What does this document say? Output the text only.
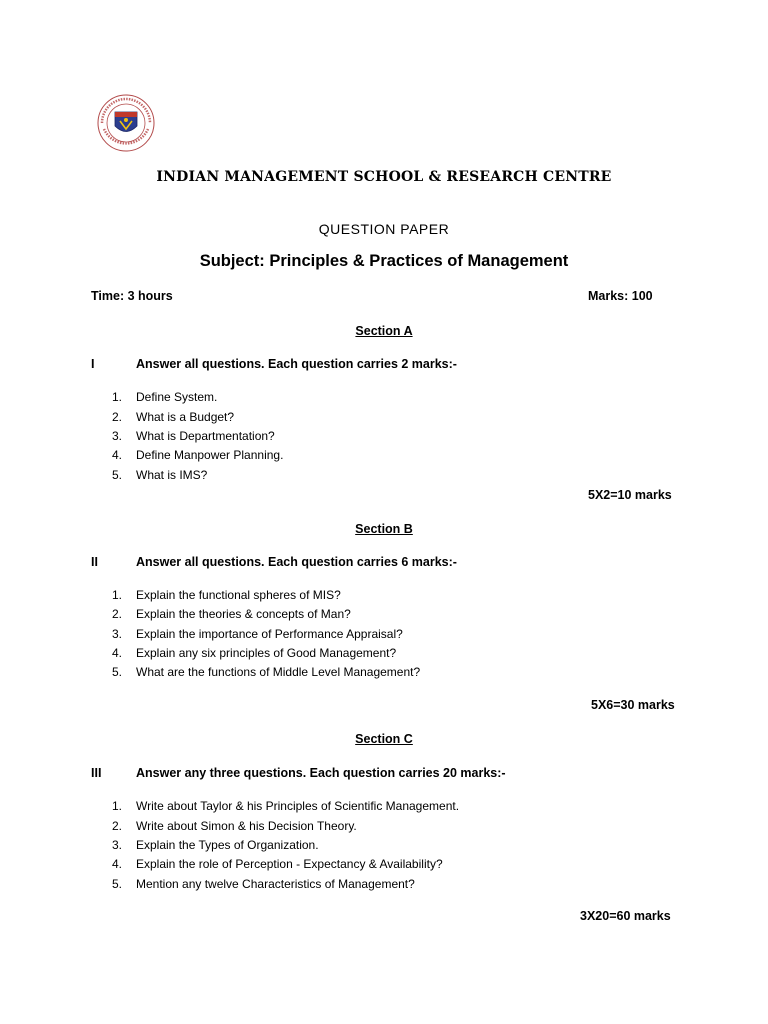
INDIAN MANAGEMENT SCHOOL & RESEARCH CENTRE
QUESTION PAPER
Subject: Principles & Practices of Management
Time: 3 hours	Marks: 100
Section A
I	Answer all questions. Each question carries 2 marks:-
1. Define System.
2. What is a Budget?
3. What is Departmentation?
4. Define Manpower Planning.
5. What is IMS?
5X2=10 marks
Section B
II	Answer all questions. Each question carries 6 marks:-
1. Explain the functional spheres of MIS?
2. Explain the theories & concepts of Man?
3. Explain the importance of Performance Appraisal?
4. Explain any six principles of Good Management?
5. What are the functions of Middle Level Management?
5X6=30 marks
Section C
III	Answer any three questions. Each question carries 20 marks:-
1. Write about Taylor & his Principles of Scientific Management.
2. Write about Simon & his Decision Theory.
3. Explain the Types of Organization.
4. Explain the role of Perception - Expectancy & Availability?
5. Mention any twelve Characteristics of Management?
3X20=60 marks
